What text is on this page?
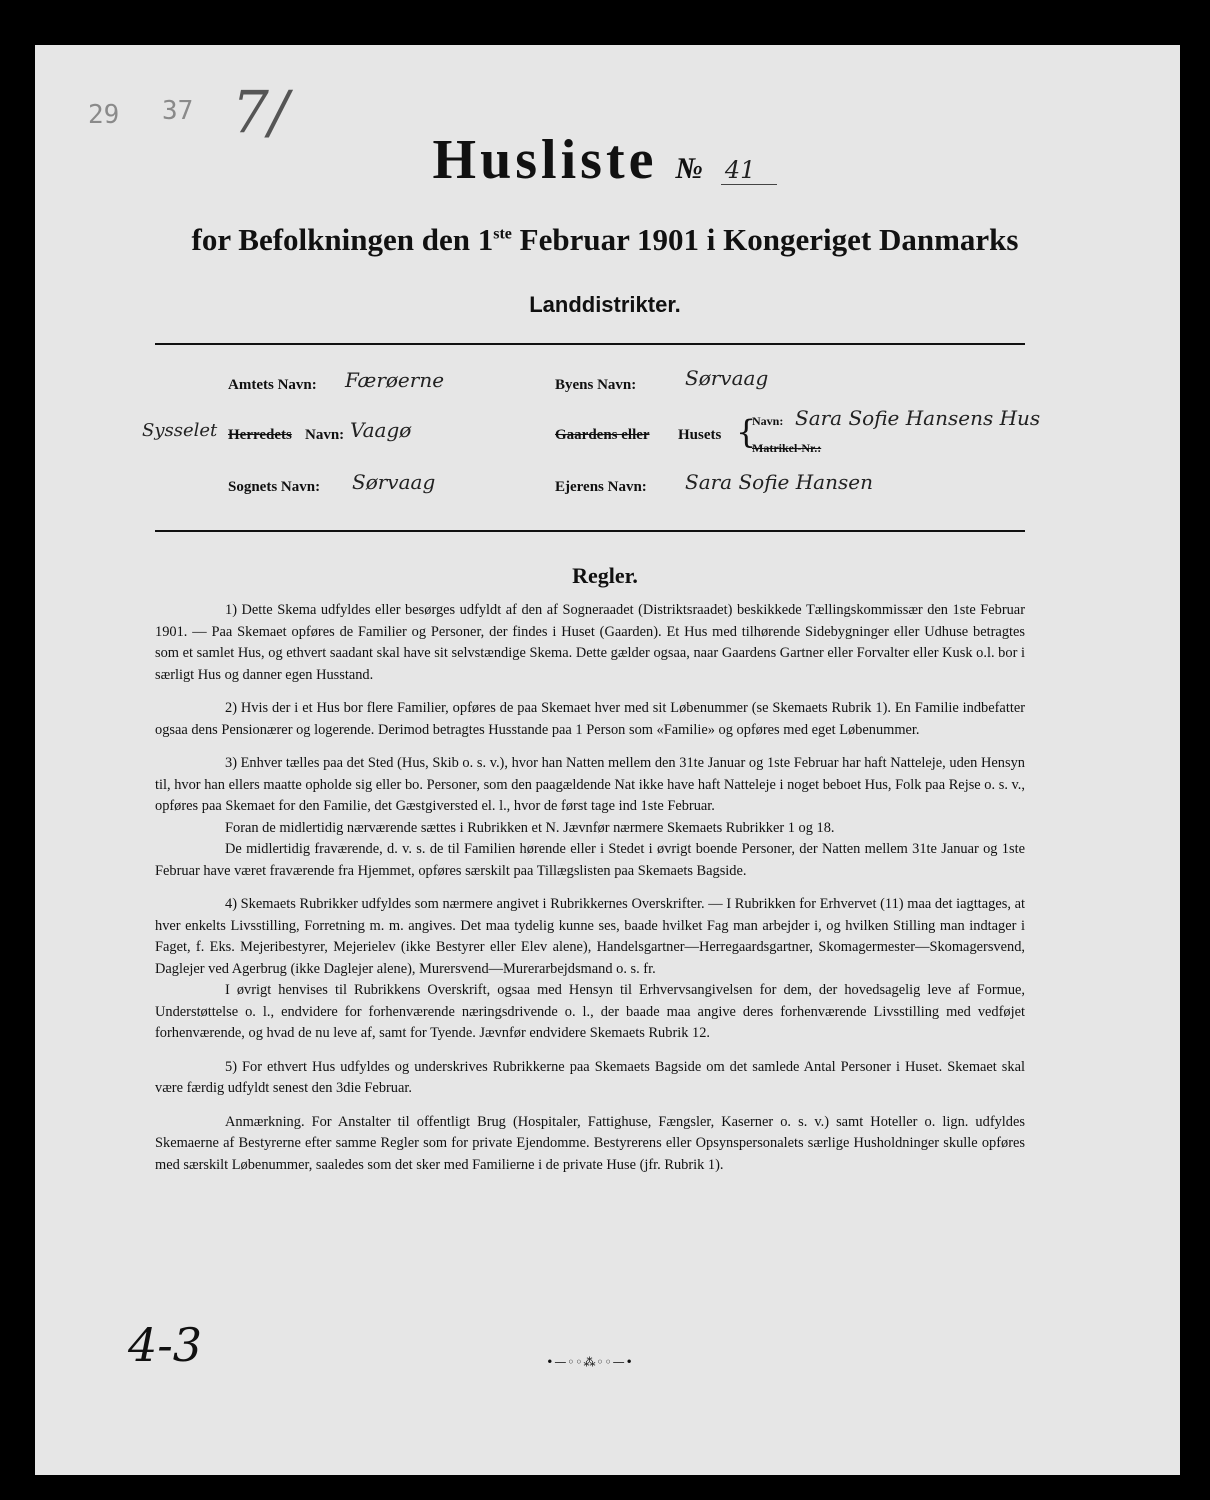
29 37 7/
Husliste № 41
for Befolkningen den 1ste Februar 1901 i Kongeriget Danmarks
Landdistrikter.
Amtets Navn: Færøerne	Byens Navn: Sørvaag
Sysselet Herredets Navn: Vaagø	Gaardens eller Husets {
Navn: Sara Sofie Hansens Hus
Matrikel-Nr.:
Sognets Navn: Sørvaag	Ejerens Navn: Sara Sofie Hansen
Regler.

1) Dette Skema udfyldes eller besørges udfyldt af den af Sogneraadet (Distriktsraadet) beskikkede Tællingskommissær den 1ste Februar 1901. — Paa Skemaet opføres de Familier og Personer, der findes i Huset (Gaarden). Et Hus med tilhørende Sidebygninger eller Udhuse betragtes som et samlet Hus, og ethvert saadant skal have sit selvstændige Skema. Dette gælder ogsaa, naar Gaardens Gartner eller Forvalter eller Kusk o.l. bor i særligt Hus og danner egen Husstand.

2) Hvis der i et Hus bor flere Familier, opføres de paa Skemaet hver med sit Løbenummer (se Skemaets Rubrik 1). En Familie indbefatter ogsaa dens Pensionærer og logerende. Derimod betragtes Husstande paa 1 Person som «Familie» og opføres med eget Løbenummer.

3) Enhver tælles paa det Sted (Hus, Skib o. s. v.), hvor han Natten mellem den 31te Januar og 1ste Februar har haft Natteleje, uden Hensyn til, hvor han ellers maatte opholde sig eller bo. Personer, som den paagældende Nat ikke have haft Natteleje i noget beboet Hus, Folk paa Rejse o. s. v., opføres paa Skemaet for den Familie, det Gæstgiversted el. l., hvor de først tage ind 1ste Februar.

Foran de midlertidig nærværende sættes i Rubrikken et N. Jævnfør nærmere Skemaets Rubrikker 1 og 18.

De midlertidig fraværende, d. v. s. de til Familien hørende eller i Stedet i øvrigt boende Personer, der Natten mellem 31te Januar og 1ste Februar have været fraværende fra Hjemmet, opføres særskilt paa Tillægslisten paa Skemaets Bagside.

4) Skemaets Rubrikker udfyldes som nærmere angivet i Rubrikkernes Overskrifter. — I Rubrikken for Erhvervet (11) maa det iagttages, at hver enkelts Livsstilling, Forretning m. m. angives. Det maa tydelig kunne ses, baade hvilket Fag man arbejder i, og hvilken Stilling man indtager i Faget, f. Eks. Mejeribestyrer, Mejerielev (ikke Bestyrer eller Elev alene), Handelsgartner—Herregaardsgartner, Skomagermester—Skomagersvend, Daglejer ved Agerbrug (ikke Daglejer alene), Murersvend—Murerarbejdsmand o. s. fr.

I øvrigt henvises til Rubrikkens Overskrift, ogsaa med Hensyn til Erhvervsangivelsen for dem, der hovedsagelig leve af Formue, Understøttelse o. l., endvidere for forhenværende næringsdrivende o. l., der baade maa angive deres forhenværende Livsstilling med vedføjet forhenværende, og hvad de nu leve af, samt for Tyende. Jævnfør endvidere Skemaets Rubrik 12.

5) For ethvert Hus udfyldes og underskrives Rubrikkerne paa Skemaets Bagside om det samlede Antal Personer i Huset. Skemaet skal være færdig udfyldt senest den 3die Februar.

Anmærkning. For Anstalter til offentligt Brug (Hospitaler, Fattighuse, Fængsler, Kaserner o. s. v.) samt Hoteller o. lign. udfyldes Skemaerne af Bestyrerne efter samme Regler som for private Ejendomme. Bestyrerens eller Opsynspersonalets særlige Husholdninger skulle opføres med særskilt Løbenummer, saaledes som det sker med Familierne i de private Huse (jfr. Rubrik 1).

4-3	•—◦◦⁂◦◦—•
